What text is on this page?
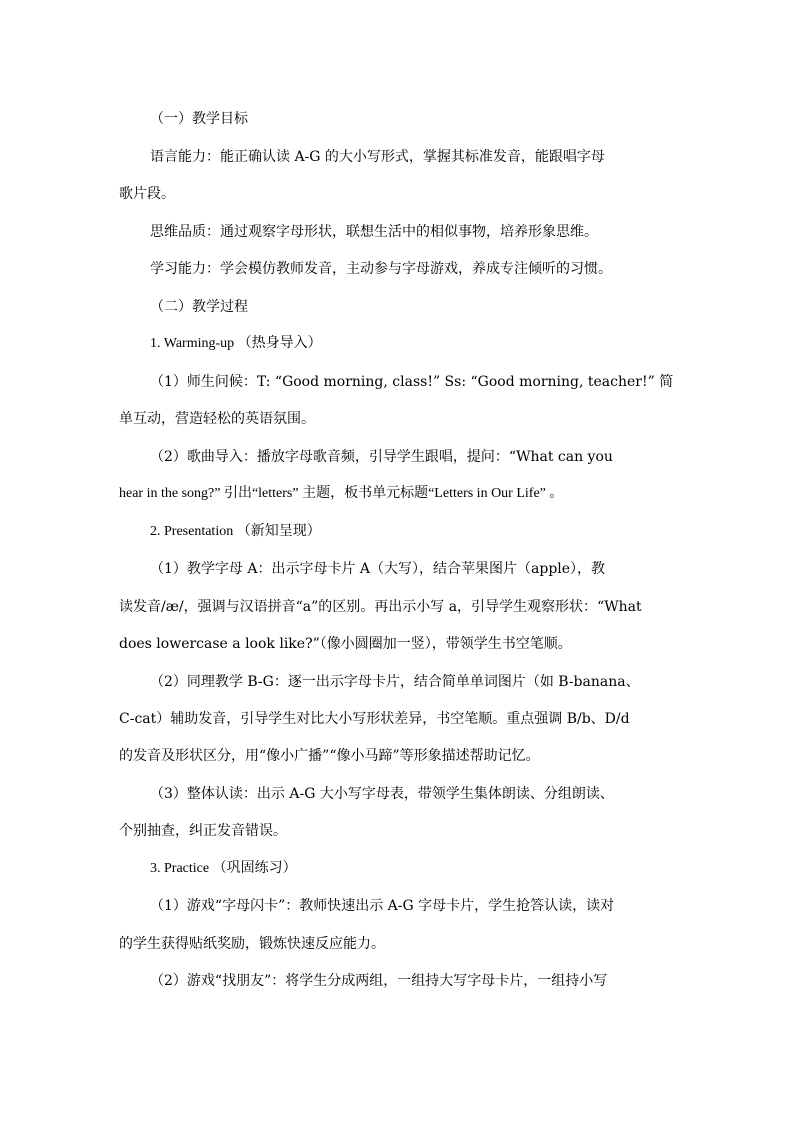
（一）教学目标
语言能力：能正确认读 A-G 的大小写形式，掌握其标准发音，能跟唱字母
歌片段。
思维品质：通过观察字母形状，联想生活中的相似事物，培养形象思维。
学习能力：学会模仿教师发音，主动参与字母游戏，养成专注倾听的习惯。
（二）教学过程
1. Warming-up （热身导入）
（1）师生问候：T: “Good morning, class!” Ss: “Good morning, teacher!” 简
单互动，营造轻松的英语氛围。
（2）歌曲导入：播放字母歌音频，引导学生跟唱，提问：“What can you
hear in the song?” 引出“letters” 主题，板书单元标题“Letters in Our Life” 。
2. Presentation （新知呈现）
（1）教学字母 A：出示字母卡片 A（大写），结合苹果图片（apple），教
读发音/æ/，强调与汉语拼音“a”的区别。再出示小写 a，引导学生观察形状：“What
does lowercase a look like?”（像小圆圈加一竖），带领学生书空笔顺。
（2）同理教学 B-G：逐一出示字母卡片，结合简单单词图片（如 B-banana、
C-cat）辅助发音，引导学生对比大小写形状差异，书空笔顺。重点强调 B/b、D/d
的发音及形状区分，用“像小广播”“像小马蹄”等形象描述帮助记忆。
（3）整体认读：出示 A-G 大小写字母表，带领学生集体朗读、分组朗读、
个别抽查，纠正发音错误。
3. Practice （巩固练习）
（1）游戏“字母闪卡”：教师快速出示 A-G 字母卡片，学生抢答认读，读对
的学生获得贴纸奖励，锻炼快速反应能力。
（2）游戏“找朋友”：将学生分成两组，一组持大写字母卡片，一组持小写
